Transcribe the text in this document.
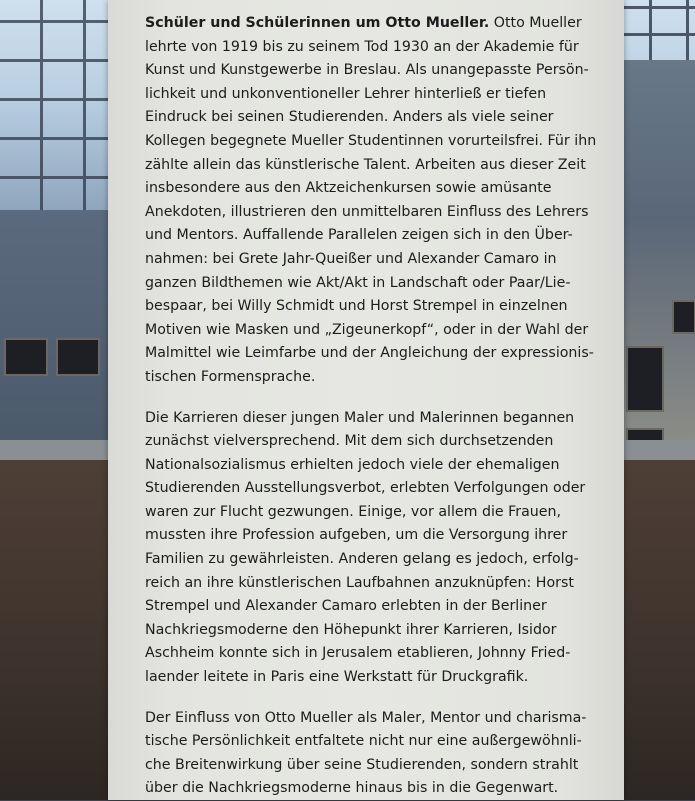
Schüler und Schülerinnen um Otto Mueller. Otto Mueller
lehrte von 1919 bis zu seinem Tod 1930 an der Akademie für
Kunst und Kunstgewerbe in Breslau. Als unangepasste Persön-
lichkeit und unkonventioneller Lehrer hinterließ er tiefen
Eindruck bei seinen Studierenden. Anders als viele seiner
Kollegen begegnete Mueller Studentinnen vorurteilsfrei. Für ihn
zählte allein das künstlerische Talent. Arbeiten aus dieser Zeit
insbesondere aus den Aktzeichenkursen sowie amüsante
Anekdoten, illustrieren den unmittelbaren Einfluss des Lehrers
und Mentors. Auffallende Parallelen zeigen sich in den Über-
nahmen: bei Grete Jahr-Queißer und Alexander Camaro in
ganzen Bildthemen wie Akt/Akt in Landschaft oder Paar/Lie-
bespaar, bei Willy Schmidt und Horst Strempel in einzelnen
Motiven wie Masken und „Zigeunerkopf“, oder in der Wahl der
Malmittel wie Leimfarbe und der Angleichung der expressionis-
tischen Formensprache.

Die Karrieren dieser jungen Maler und Malerinnen begannen
zunächst vielversprechend. Mit dem sich durchsetzenden
Nationalsozialismus erhielten jedoch viele der ehemaligen
Studierenden Ausstellungsverbot, erlebten Verfolgungen oder
waren zur Flucht gezwungen. Einige, vor allem die Frauen,
mussten ihre Profession aufgeben, um die Versorgung ihrer
Familien zu gewährleisten. Anderen gelang es jedoch, erfolg-
reich an ihre künstlerischen Laufbahnen anzuknüpfen: Horst
Strempel und Alexander Camaro erlebten in der Berliner
Nachkriegsmoderne den Höhepunkt ihrer Karrieren, Isidor
Aschheim konnte sich in Jerusalem etablieren, Johnny Fried-
laender leitete in Paris eine Werkstatt für Druckgrafik.

Der Einfluss von Otto Mueller als Maler, Mentor und charisma-
tische Persönlichkeit entfaltete nicht nur eine außergewöhnli-
che Breitenwirkung über seine Studierenden, sondern strahlt
über die Nachkriegsmoderne hinaus bis in die Gegenwart.
